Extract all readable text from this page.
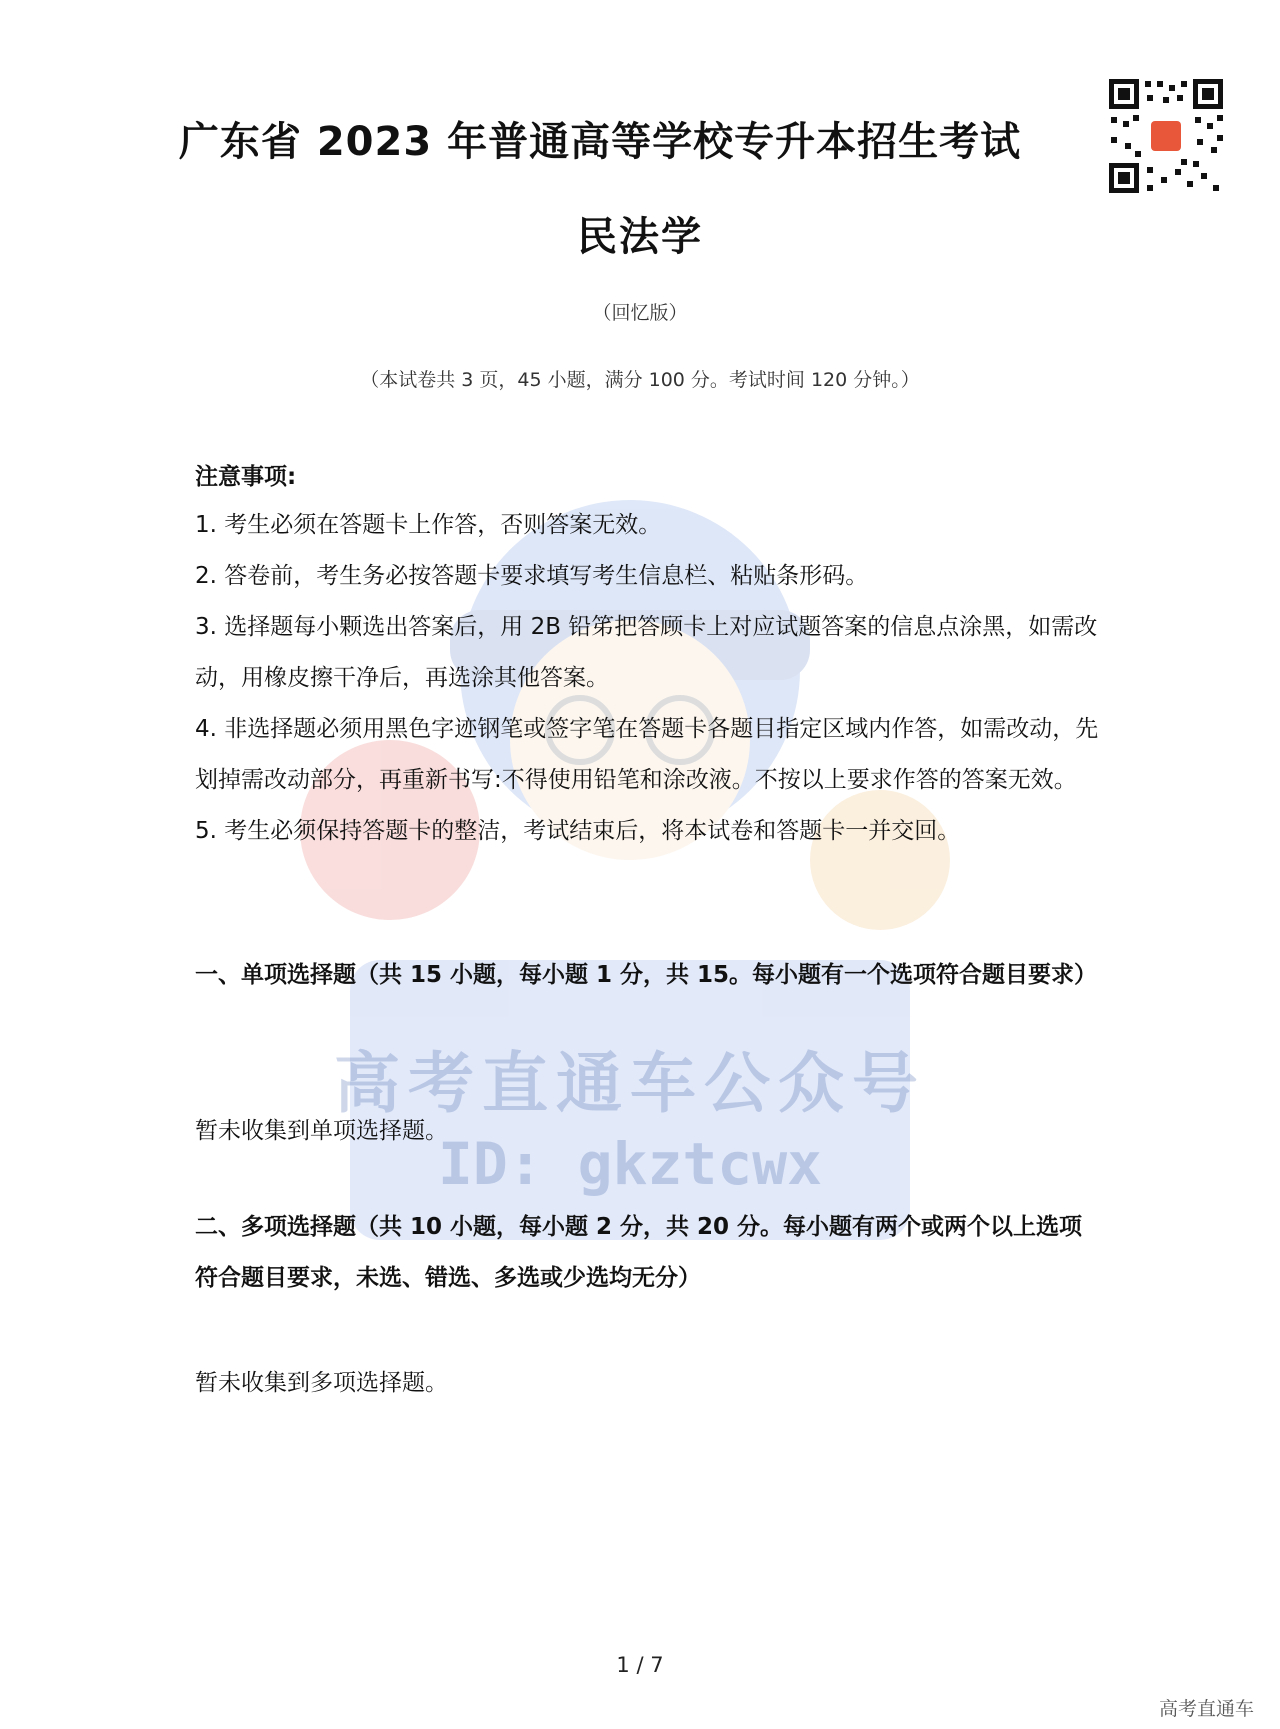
高考直通车公众号
ID: gkztcwx
广东省 2023 年普通高等学校专升本招生考试
民法学
（回忆版）
（本试卷共 3 页，45 小题，满分 100 分。考试时间 120 分钟。）
注意事项:
1. 考生必须在答题卡上作答，否则答案无效。
2. 答卷前，考生务必按答题卡要求填写考生信息栏、粘贴条形码。
3. 选择题每小颗选出答案后，用 2B 铅笫把答顾卡上对应试题答案的信息点涂黑，如需改动，用橡皮擦干净后，再选涂其他答案。
4. 非选择题必须用黑色字迹钢笔或签字笔在答题卡各题目指定区域内作答，如需改动，先划掉需改动部分，再重新书写:不得使用铅笔和涂改液。不按以上要求作答的答案无效。
5. 考生必须保持答题卡的整洁，考试结束后，将本试卷和答题卡一并交回。
一、单项选择题（共 15 小题，每小题 1 分，共 15。每小题有一个选项符合题目要求）
暂未收集到单项选择题。
二、多项选择题（共 10 小题，每小题 2 分，共 20 分。每小题有两个或两个以上选项符合题目要求，未选、错选、多选或少选均无分）
暂未收集到多项选择题。
1 / 7
高考直通车
